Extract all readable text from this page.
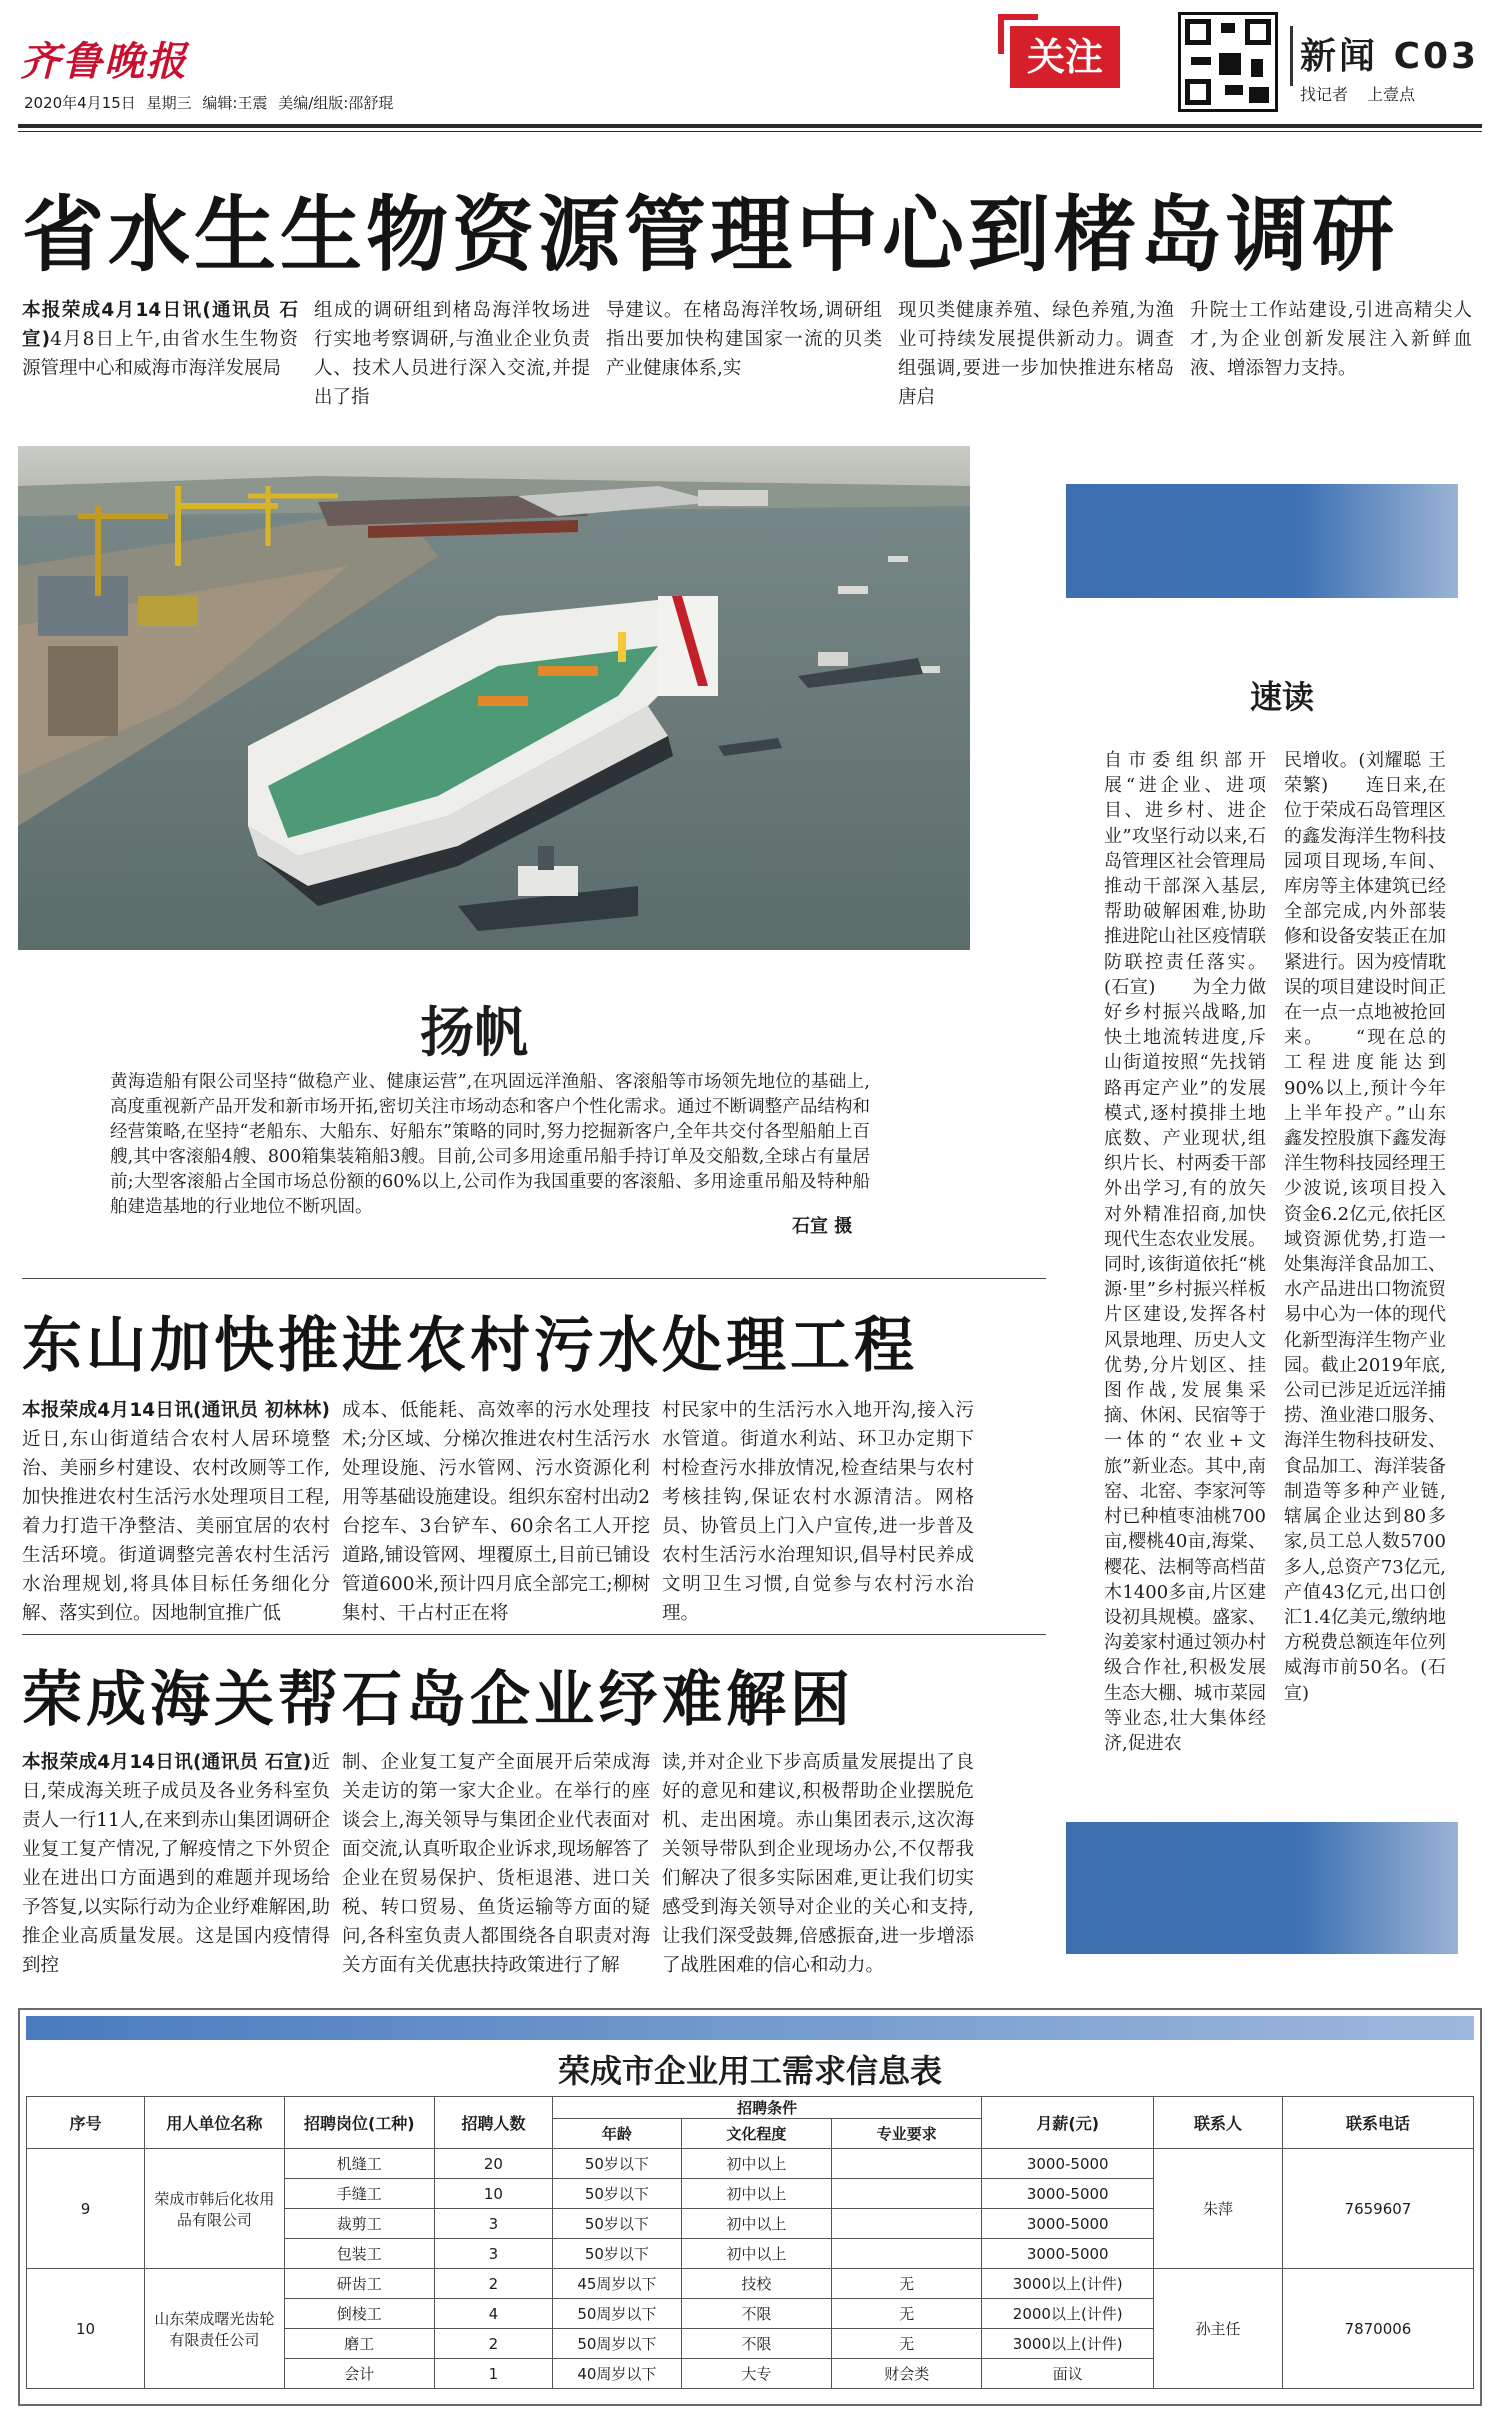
齐鲁晚报
2020年4月15日 星期三 编辑:王震 美编/组版:邵舒琨
关注	新闻 C03
找记者 上壹点
省水生生物资源管理中心到楮岛调研
本报荣成4月14日讯(通讯员 石宣)4月8日上午,由省水生生物资源管理中心和威海市海洋发展局
组成的调研组到楮岛海洋牧场进行实地考察调研,与渔业企业负责人、技术人员进行深入交流,并提出了指
导建议。在楮岛海洋牧场,调研组指出要加快构建国家一流的贝类产业健康体系,实
现贝类健康养殖、绿色养殖,为渔业可持续发展提供新动力。调查组强调,要进一步加快推进东楮岛唐启
升院士工作站建设,引进高精尖人才,为企业创新发展注入新鲜血液、增添智力支持。
扬帆
黄海造船有限公司坚持“做稳产业、健康运营”,在巩固远洋渔船、客滚船等市场领先地位的基础上,高度重视新产品开发和新市场开拓,密切关注市场动态和客户个性化需求。通过不断调整产品结构和经营策略,在坚持“老船东、大船东、好船东”策略的同时,努力挖掘新客户,全年共交付各型船舶上百艘,其中客滚船4艘、800箱集装箱船3艘。目前,公司多用途重吊船手持订单及交船数,全球占有量居前;大型客滚船占全国市场总份额的60%以上,公司作为我国重要的客滚船、多用途重吊船及特种船舶建造基地的行业地位不断巩固。
石宣 摄
东山加快推进农村污水处理工程
本报荣成4月14日讯(通讯员 初林林)近日,东山街道结合农村人居环境整治、美丽乡村建设、农村改厕等工作,加快推进农村生活污水处理项目工程,着力打造干净整洁、美丽宜居的农村生活环境。街道调整完善农村生活污水治理规划,将具体目标任务细化分解、落实到位。因地制宜推广低
成本、低能耗、高效率的污水处理技术;分区域、分梯次推进农村生活污水处理设施、污水管网、污水资源化利用等基础设施建设。组织东窑村出动2台挖车、3台铲车、60余名工人开挖道路,铺设管网、埋覆原土,目前已铺设管道600米,预计四月底全部完工;柳树集村、干占村正在将
村民家中的生活污水入地开沟,接入污水管道。街道水利站、环卫办定期下村检查污水排放情况,检查结果与农村考核挂钩,保证农村水源清洁。网格员、协管员上门入户宣传,进一步普及农村生活污水治理知识,倡导村民养成文明卫生习惯,自觉参与农村污水治理。
荣成海关帮石岛企业纾难解困
本报荣成4月14日讯(通讯员 石宣)近日,荣成海关班子成员及各业务科室负责人一行11人,在来到赤山集团调研企业复工复产情况,了解疫情之下外贸企业在进出口方面遇到的难题并现场给予答复,以实际行动为企业纾难解困,助推企业高质量发展。这是国内疫情得到控
制、企业复工复产全面展开后荣成海关走访的第一家大企业。在举行的座谈会上,海关领导与集团企业代表面对面交流,认真听取企业诉求,现场解答了企业在贸易保护、货柜退港、进口关税、转口贸易、鱼货运输等方面的疑问,各科室负责人都围绕各自职责对海关方面有关优惠扶持政策进行了解
读,并对企业下步高质量发展提出了良好的意见和建议,积极帮助企业摆脱危机、走出困境。赤山集团表示,这次海关领导带队到企业现场办公,不仅帮我们解决了很多实际困难,更让我们切实感受到海关领导对企业的关心和支持,让我们深受鼓舞,倍感振奋,进一步增添了战胜困难的信心和动力。
速读
自市委组织部开展“进企业、进项目、进乡村、进企业”攻坚行动以来,石岛管理区社会管理局推动干部深入基层,帮助破解困难,协助推进陀山社区疫情联防联控责任落实。(石宣)　　为全力做好乡村振兴战略,加快土地流转进度,斥山街道按照“先找销路再定产业”的发展模式,逐村摸排土地底数、产业现状,组织片长、村两委干部外出学习,有的放矢对外精准招商,加快现代生态农业发展。同时,该街道依托“桃源·里”乡村振兴样板片区建设,发挥各村风景地理、历史人文优势,分片划区、挂图作战,发展集采摘、休闲、民宿等于一体的“农业+文旅”新业态。其中,南窑、北窑、李家河等村已种植枣油桃700亩,樱桃40亩,海棠、樱花、法桐等高档苗木1400多亩,片区建设初具规模。盛家、沟姜家村通过领办村级合作社,积极发展生态大棚、城市菜园等业态,壮大集体经济,促进农
民增收。(刘耀聪 王荣繁)　　连日来,在位于荣成石岛管理区的鑫发海洋生物科技园项目现场,车间、库房等主体建筑已经全部完成,内外部装修和设备安装正在加紧进行。因为疫情耽误的项目建设时间正在一点一点地被抢回来。　　“现在总的工程进度能达到90%以上,预计今年上半年投产。”山东鑫发控股旗下鑫发海洋生物科技园经理王少波说,该项目投入资金6.2亿元,依托区域资源优势,打造一处集海洋食品加工、水产品进出口物流贸易中心为一体的现代化新型海洋生物产业园。截止2019年底,公司已涉足近远洋捕捞、渔业港口服务、海洋生物科技研发、食品加工、海洋装备制造等多种产业链,辖属企业达到80多家,员工总人数5700多人,总资产73亿元,产值43亿元,出口创汇1.4亿美元,缴纳地方税费总额连年位列威海市前50名。(石宣)
荣成市企业用工需求信息表
序号	用人单位名称	招聘岗位(工种)	招聘人数	招聘条件			月薪(元)	联系人	联系电话
				年龄	文化程度	专业要求			
9	荣成市韩后化妆用品有限公司	机缝工	20	50岁以下	初中以上		3000-5000	朱萍	7659607
		手缝工	10	50岁以下	初中以上		3000-5000		
		裁剪工	3	50岁以下	初中以上		3000-5000		
		包装工	3	50岁以下	初中以上		3000-5000		
10	山东荣成曙光齿轮有限责任公司	研齿工	2	45周岁以下	技校	无	3000以上(计件)	孙主任	7870006
		倒棱工	4	50周岁以下	不限	无	2000以上(计件)		
		磨工	2	50周岁以下	不限	无	3000以上(计件)		
		会计	1	40周岁以下	大专	财会类	面议		
